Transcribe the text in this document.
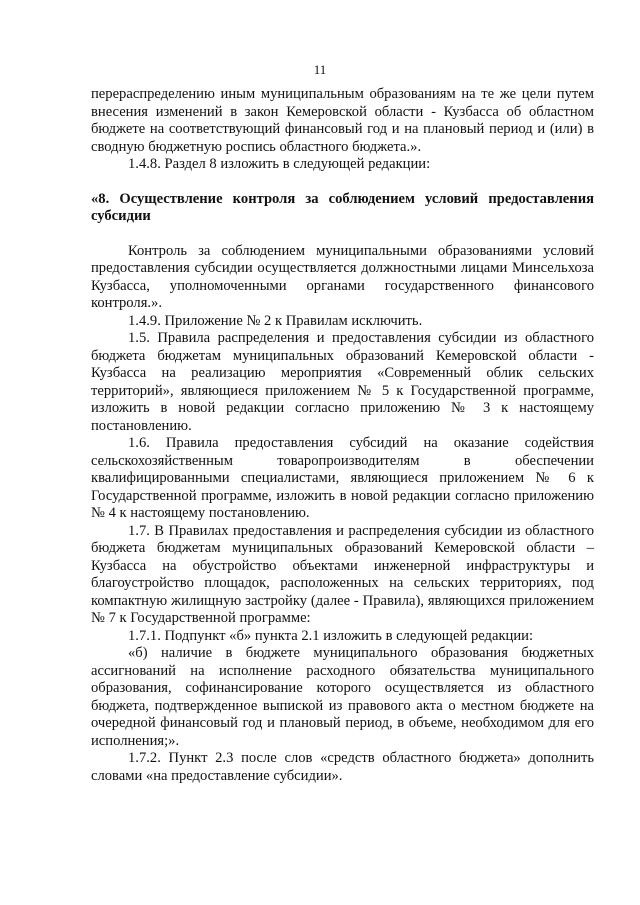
11

перераспределению иным муниципальным образованиям на те же цели путем внесения изменений в закон Кемеровской области - Кузбасса об областном бюджете на соответствующий финансовый год и на плановый период и (или) в сводную бюджетную роспись областного бюджета.».

1.4.8. Раздел 8 изложить в следующей редакции:

«8. Осуществление контроля за соблюдением условий предоставления субсидии

Контроль за соблюдением муниципальными образованиями условий предоставления субсидии осуществляется должностными лицами Минсельхоза Кузбасса, уполномоченными органами государственного финансового контроля.».

1.4.9. Приложение № 2 к Правилам исключить.

1.5. Правила распределения и предоставления субсидии из областного бюджета бюджетам муниципальных образований Кемеровской области - Кузбасса на реализацию мероприятия «Современный облик сельских территорий», являющиеся приложением № 5 к Государственной программе, изложить в новой редакции согласно приложению № 3 к настоящему постановлению.

1.6. Правила предоставления субсидий на оказание содействия сельскохозяйственным товаропроизводителям в обеспечении квалифицированными специалистами, являющиеся приложением № 6 к Государственной программе, изложить в новой редакции согласно приложению № 4 к настоящему постановлению.

1.7. В Правилах предоставления и распределения субсидии из областного бюджета бюджетам муниципальных образований Кемеровской области – Кузбасса на обустройство объектами инженерной инфраструктуры и благоустройство площадок, расположенных на сельских территориях, под компактную жилищную застройку (далее - Правила), являющихся приложением № 7 к Государственной программе:

1.7.1. Подпункт «б» пункта 2.1 изложить в следующей редакции:

«б) наличие в бюджете муниципального образования бюджетных ассигнований на исполнение расходного обязательства муниципального образования, софинансирование которого осуществляется из областного бюджета, подтвержденное выпиской из правового акта о местном бюджете на очередной финансовый год и плановый период, в объеме, необходимом для его исполнения;».

1.7.2. Пункт 2.3 после слов «средств областного бюджета» дополнить словами «на предоставление субсидии».
